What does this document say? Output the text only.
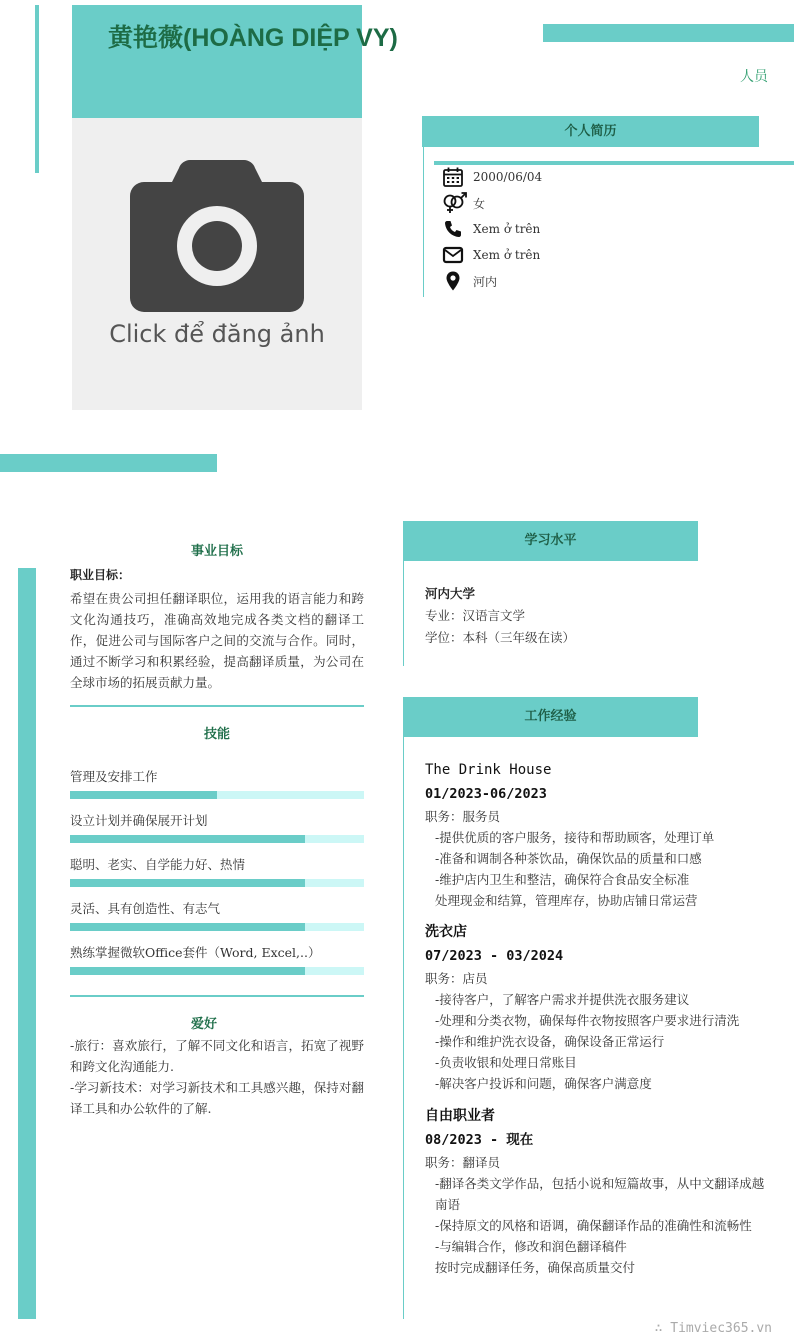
Click để đăng ảnh
黄艳薇(HOÀNG DIỆP VY)
人员
个人简历
2000/06/04
女
Xem ở trên
Xem ở trên
河内
事业目标
职业目标：
希望在贵公司担任翻译职位，运用我的语言能力和跨文化沟通技巧，准确高效地完成各类文档的翻译工作，促进公司与国际客户之间的交流与合作。同时，通过不断学习和积累经验，提高翻译质量，为公司在全球市场的拓展贡献力量。
技能
管理及安排工作
设立计划并确保展开计划
聪明、老实、自学能力好、热情
灵活、具有创造性、有志气
熟练掌握微软Office套件（Word, Excel,..）
爱好
-旅行：喜欢旅行，了解不同文化和语言，拓宽了视野和跨文化沟通能力.
-学习新技术：对学习新技术和工具感兴趣，保持对翻译工具和办公软件的了解.
学习水平
河内大学
专业：汉语言文学
学位：本科（三年级在读）
工作经验
The Drink House
01/2023-06/2023
职务：服务员
-提供优质的客户服务，接待和帮助顾客，处理订单
-准备和调制各种茶饮品，确保饮品的质量和口感
-维护店内卫生和整洁，确保符合食品安全标准
处理现金和结算，管理库存，协助店铺日常运营
洗衣店
07/2023 - 03/2024
职务：店员
-接待客户，了解客户需求并提供洗衣服务建议
-处理和分类衣物，确保每件衣物按照客户要求进行清洗
-操作和维护洗衣设备，确保设备正常运行
-负责收银和处理日常账目
-解决客户投诉和问题，确保客户满意度
自由职业者
08/2023 - 现在
职务：翻译员
-翻译各类文学作品，包括小说和短篇故事，从中文翻译成越南语
-保持原文的风格和语调，确保翻译作品的准确性和流畅性
-与编辑合作，修改和润色翻译稿件
按时完成翻译任务，确保高质量交付
∴ Timviec365.vn
